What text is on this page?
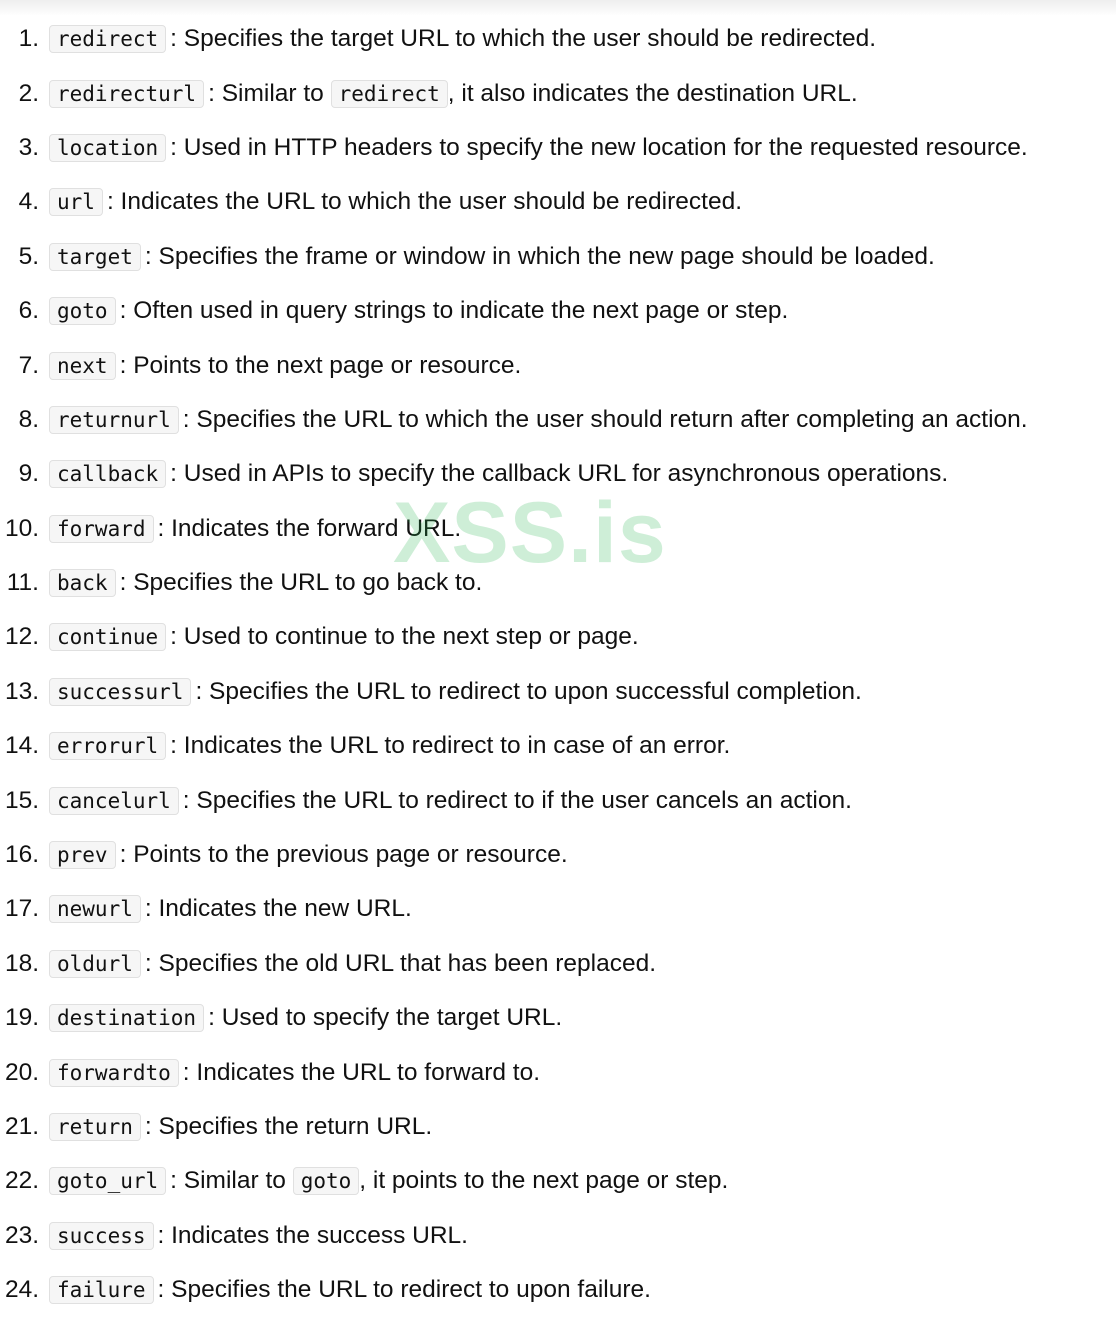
1. redirect : Specifies the target URL to which the user should be redirected.
2. redirecturl : Similar to redirect , it also indicates the destination URL.
3. location : Used in HTTP headers to specify the new location for the requested resource.
4. url : Indicates the URL to which the user should be redirected.
5. target : Specifies the frame or window in which the new page should be loaded.
6. goto : Often used in query strings to indicate the next page or step.
7. next : Points to the next page or resource.
8. returnurl : Specifies the URL to which the user should return after completing an action.
9. callback : Used in APIs to specify the callback URL for asynchronous operations.
10. forward : Indicates the forward URL.
11. back : Specifies the URL to go back to.
12. continue : Used to continue to the next step or page.
13. successurl : Specifies the URL to redirect to upon successful completion.
14. errorurl : Indicates the URL to redirect to in case of an error.
15. cancelurl : Specifies the URL to redirect to if the user cancels an action.
16. prev : Points to the previous page or resource.
17. newurl : Indicates the new URL.
18. oldurl : Specifies the old URL that has been replaced.
19. destination : Used to specify the target URL.
20. forwardto : Indicates the URL to forward to.
21. return : Specifies the return URL.
22. goto_url : Similar to goto , it points to the next page or step.
23. success : Indicates the success URL.
24. failure : Specifies the URL to redirect to upon failure.
XSS.is
